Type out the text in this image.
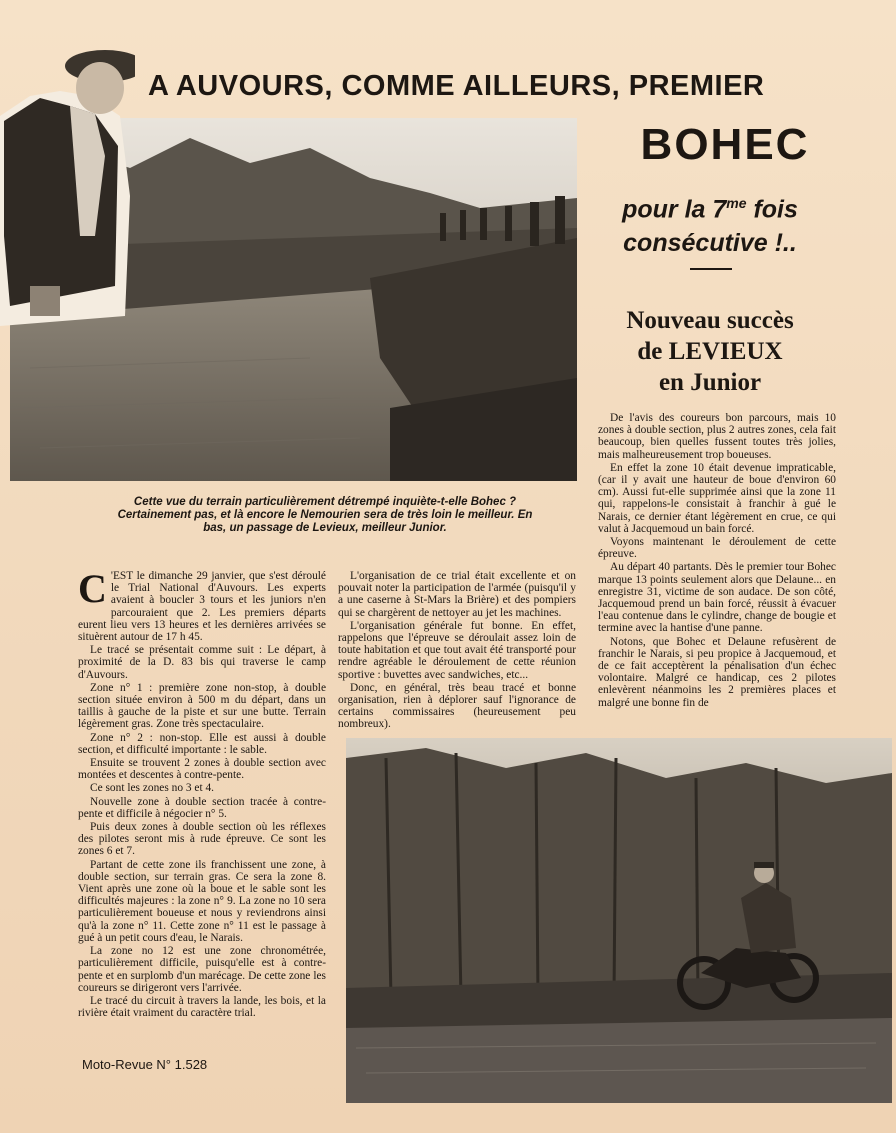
A AUVOURS, COMME AILLEURS, PREMIER
BOHEC
pour la $7^{me}$ fois
consécutive !..
Nouveau succès
de LEVIEUX
en Junior
Cette vue du terrain particulièrement détrempé inquiète-t-elle Bohec ? Certainement pas, et là encore le Nemourien sera de très loin le meilleur. En bas, un passage de Levieux, meilleur Junior.

C 'EST le dimanche 29 janvier, que s'est déroulé le Trial National d'Auvours. Les experts avaient à boucler 3 tours et les juniors n'en parcouraient que 2. Les premiers départs eurent lieu vers 13 heures et les dernières arrivées se situèrent autour de 17 h 45.

Le tracé se présentait comme suit : Le départ, à proximité de la D. 83 bis qui traverse le camp d'Auvours.

Zone n° 1 : première zone non-stop, à double section située environ à 500 m du départ, dans un taillis à gauche de la piste et sur une butte. Terrain légèrement gras. Zone très spectaculaire.

Zone n° 2 : non-stop. Elle est aussi à double section, et difficulté importante : le sable.

Ensuite se trouvent 2 zones à double section avec montées et descentes à contre-pente.

Ce sont les zones no 3 et 4.

Nouvelle zone à double section tracée à contre-pente et difficile à négocier n° 5.

Puis deux zones à double section où les réflexes des pilotes seront mis à rude épreuve. Ce sont les zones 6 et 7.

Partant de cette zone ils franchissent une zone, à double section, sur terrain gras. Ce sera la zone 8. Vient après une zone où la boue et le sable sont les difficultés majeures : la zone n° 9. La zone no 10 sera particulièrement boueuse et nous y reviendrons ainsi qu'à la zone n° 11. Cette zone n° 11 est le passage à gué à un petit cours d'eau, le Narais.

La zone no 12 est une zone chronométrée, particulièrement difficile, puisqu'elle est à contre-pente et en surplomb d'un marécage. De cette zone les coureurs se dirigeront vers l'arrivée.

Le tracé du circuit à travers la lande, les bois, et la rivière était vraiment du caractère trial.

L'organisation de ce trial était excellente et on pouvait noter la participation de l'armée (puisqu'il y a une caserne à St-Mars la Brière) et des pompiers qui se chargèrent de nettoyer au jet les machines.

L'organisation générale fut bonne. En effet, rappelons que l'épreuve se déroulait assez loin de toute habitation et que tout avait été transporté pour rendre agréable le déroulement de cette réunion sportive : buvettes avec sandwiches, etc...

Donc, en général, très beau tracé et bonne organisation, rien à déplorer sauf l'ignorance de certains commissaires (heureusement peu nombreux).

De l'avis des coureurs bon parcours, mais 10 zones à double section, plus 2 autres zones, cela fait beaucoup, bien quelles fussent toutes très jolies, mais malheureusement trop boueuses.

En effet la zone 10 était devenue impraticable, (car il y avait une hauteur de boue d'environ 60 cm). Aussi fut-elle supprimée ainsi que la zone 11 qui, rappelons-le consistait à franchir à gué le Narais, ce dernier étant légèrement en crue, ce qui valut à Jacquemoud un bain forcé.

Voyons maintenant le déroulement de cette épreuve.

Au départ 40 partants. Dès le premier tour Bohec marque 13 points seulement alors que Delaune... en enregistre 31, victime de son audace. De son côté, Jacquemoud prend un bain forcé, réussit à évacuer l'eau contenue dans le cylindre, change de bougie et termine avec la hantise d'une panne.

Notons, que Bohec et Delaune refusèrent de franchir le Narais, si peu propice à Jacquemoud, et de ce fait acceptèrent la pénalisation d'un échec volontaire. Malgré ce handicap, ces 2 pilotes enlevèrent néanmoins les 2 premières places et malgré une bonne fin de

Moto-Revue N° 1.528
